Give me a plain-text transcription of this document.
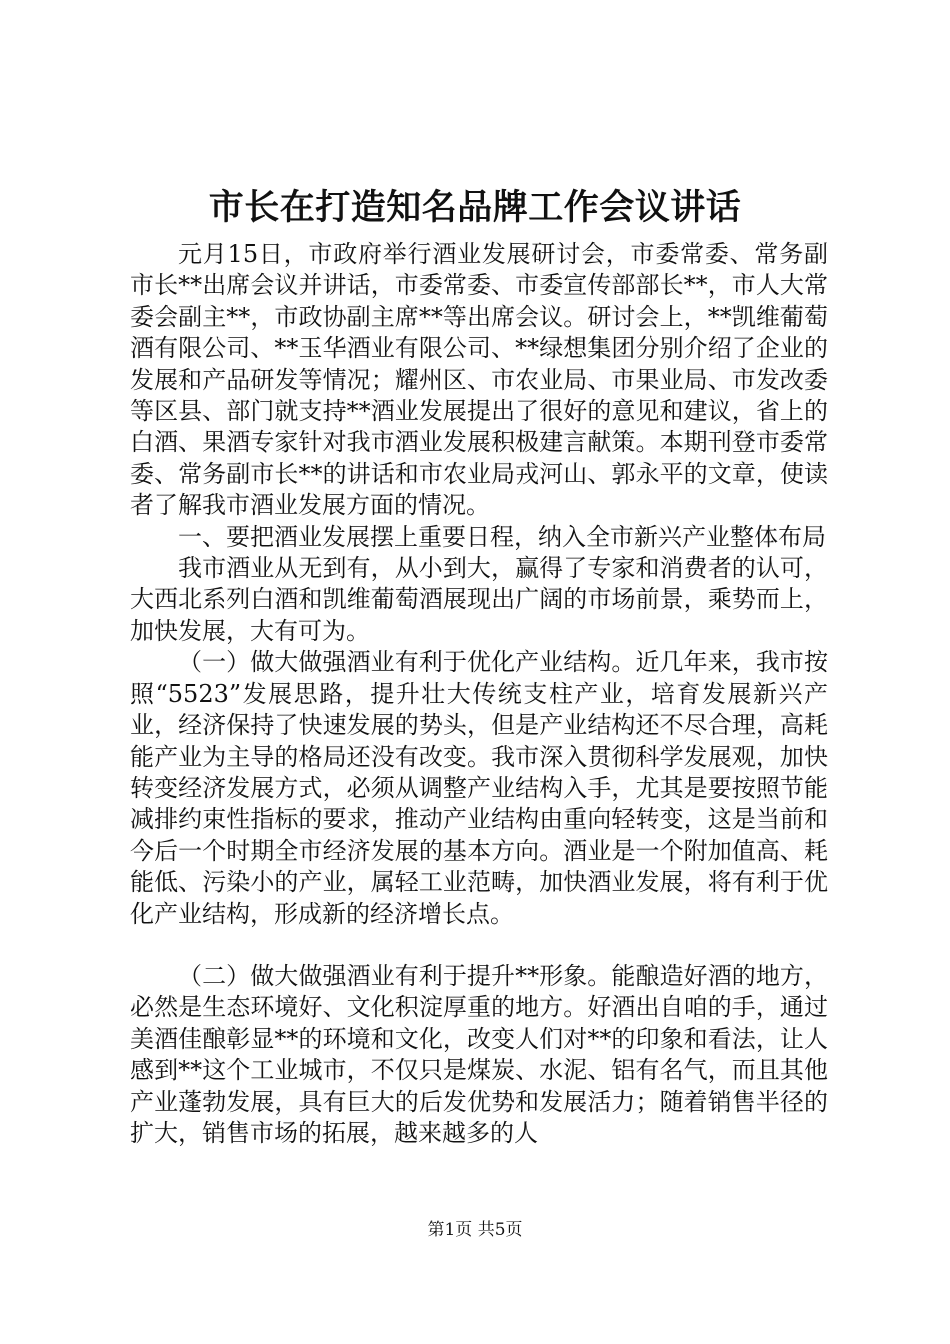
市长在打造知名品牌工作会议讲话

元月15日，市政府举行酒业发展研讨会，市委常委、常务副市长**出席会议并讲话，市委常委、市委宣传部部长**，市人大常委会副主**，市政协副主席**等出席会议。研讨会上，**凯维葡萄酒有限公司、**玉华酒业有限公司、**绿想集团分别介绍了企业的发展和产品研发等情况；耀州区、市农业局、市果业局、市发改委等区县、部门就支持**酒业发展提出了很好的意见和建议，省上的白酒、果酒专家针对我市酒业发展积极建言献策。本期刊登市委常委、常务副市长**的讲话和市农业局戎河山、郭永平的文章，使读者了解我市酒业发展方面的情况。

一、要把酒业发展摆上重要日程，纳入全市新兴产业整体布局

我市酒业从无到有，从小到大，赢得了专家和消费者的认可，大西北系列白酒和凯维葡萄酒展现出广阔的市场前景，乘势而上，加快发展，大有可为。

（一）做大做强酒业有利于优化产业结构。近几年来，我市按照“5523”发展思路，提升壮大传统支柱产业，培育发展新兴产业，经济保持了快速发展的势头，但是产业结构还不尽合理，高耗能产业为主导的格局还没有改变。我市深入贯彻科学发展观，加快转变经济发展方式，必须从调整产业结构入手，尤其是要按照节能减排约束性指标的要求，推动产业结构由重向轻转变，这是当前和今后一个时期全市经济发展的基本方向。酒业是一个附加值高、耗能低、污染小的产业，属轻工业范畴，加快酒业发展，将有利于优化产业结构，形成新的经济增长点。

（二）做大做强酒业有利于提升**形象。能酿造好酒的地方，必然是生态环境好、文化积淀厚重的地方。好酒出自咱的手，通过美酒佳酿彰显**的环境和文化，改变人们对**的印象和看法，让人感到**这个工业城市，不仅只是煤炭、水泥、铝有名气，而且其他产业蓬勃发展，具有巨大的后发优势和发展活力；随着销售半径的扩大，销售市场的拓展，越来越多的人

第1页 共5页
